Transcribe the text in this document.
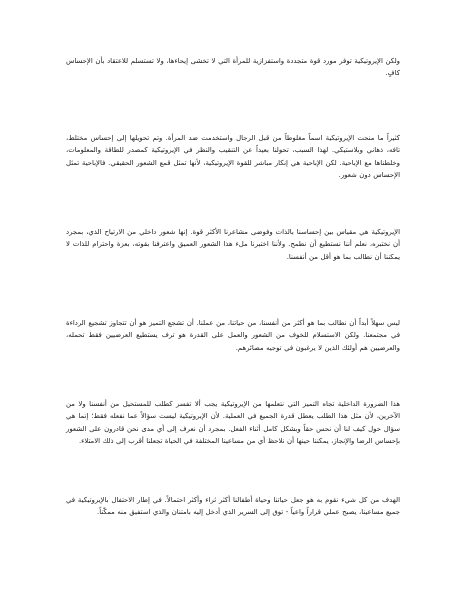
ولكن الإيروتيكية توفر مورد قوة متجددة واستفزازية للمرأة التي لا تخشى إيحاءها، ولا تستسلم للاعتقاد بأن الإحساس كافٍ.

كثيراً ما منحت الإيروتيكية اسماً مغلوطاً من قبل الرجال واستخدمت ضد المرأة. وتم تحويلها إلى إحساس مختلط، تافه، ذهاني وبلاستيكي. لهذا السبب، تحولنا بعيداً عن التنقيب والنظر في الإيروتيكية كمصدر للطاقة والمعلومات، وخلطناها مع الإباحية. لكن الإباحية هي إنكار مباشر للقوة الإيروتيكية، لأنها تمثل قمع الشعور الحقيقي. فالإباحية تمثل الإحساس دون شعور.

الإيروتيكية هي مقياس بين إحساسنا بالذات وفوضى مشاعرنا الأكثر قوة. إنها شعور داخلي من الارتياح الذي، بمجرد أن نختبره، نعلم أننا نستطيع أن نطمح. ولأننا اختبرنا ملء هذا الشعور العميق واعترفنا بقوته، بعزة واحترام للذات لا يمكننا أن نطالب بما هو أقل من أنفسنا.

ليس سهلاً أبداً أن نطالب بما هو أكثر من أنفسنا، من حياتنا، من عملنا. أن تشجع التميز هو أن تتجاوز تشجيع الرداءة في مجتمعنا. ولكن الاستسلام للخوف من الشعور والعمل على القدرة هو ترف يستطيع العرضيين فقط تحمله، والعرضيين هم أولئك الذين لا يرغبون في توجيه مصائرهم.

هذا الضرورة الداخلية تجاه التميز التي نتعلمها من الإيروتيكية يجب ألا تفسر كطلب للمستحيل من أنفسنا ولا من الآخرين، لأن مثل هذا الطلب يعطل قدرة الجميع في العملية. لأن الإيروتيكية ليست سؤالاً عما نفعله فقط؛ إنما هي سؤال حول كيف لنا أن نحس حقاً وبشكل كامل أثناء الفعل. بمجرد أن نعرف إلى أي مدى نحن قادرون على الشعور بإحساس الرضا والإنجاز، يمكننا حينها أن نلاحظ أي من مساعينا المختلفة في الحياة تجعلنا أقرب إلى ذلك الامتلاء.

الهدف من كل شيء نقوم به هو جعل حياتنا وحياة أطفالنا أكثر ثراء وأكثر احتمالاً. في إطار الاحتفال بالإيروتيكية في جميع مساعينا، يصبح عملي قراراً واعياً - توق إلى السرير الذي أدخل إليه بامتنان والذي استفيق منه ممكّناً.
